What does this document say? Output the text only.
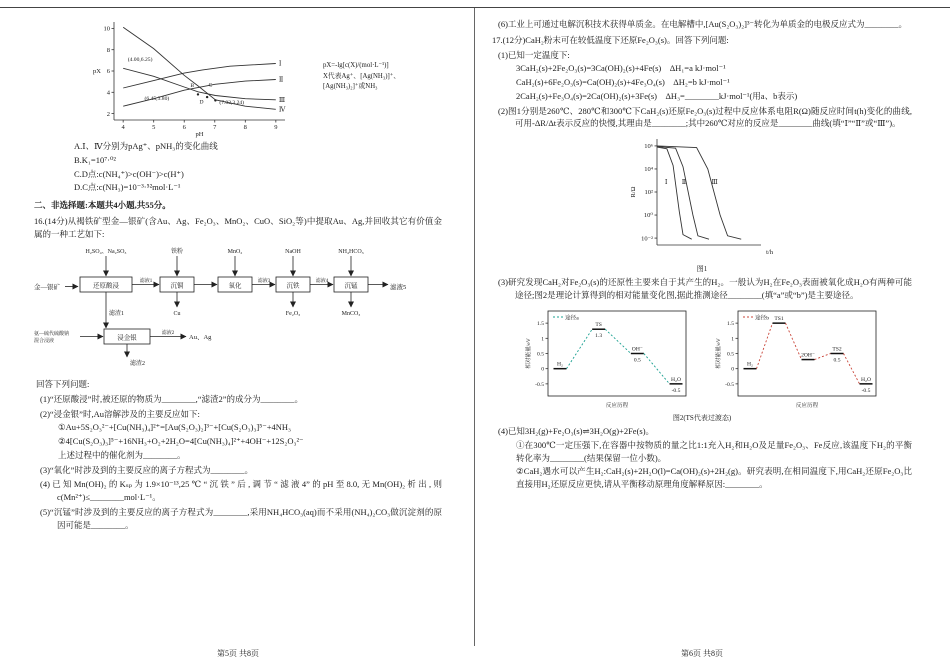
2
4
6
8
10
4	5	6	7	8	9
Ⅰ
Ⅱ
Ⅲ
Ⅳ
(4.00,6.25)
B	C
(6.45,3.80)
D	(7.02,3.24)
pH
pX
pX=-lg[c(X)/(mol·L⁻¹)]
X代表Ag⁺、[Ag(NH₃)]⁺、
[Ag(NH₃)₂]⁺或NH₃

A.Ⅰ、Ⅳ分别为pAg⁺、pNH₃的变化曲线

B.K₁=10⁷·⁰²

C.D点:c(NH₄⁺)>c(OH⁻)>c(H⁺)

D.C点:c(NH₃)=10⁻³·⁵²mol·L⁻¹

二、非选择题:本题共4小题,共55分。

16.(14分)从褐铁矿型金—银矿(含Au、Ag、Fe₂O₃、MnO₂、CuO、SiO₂等)中提取Au、Ag,并回收其它有价值金属的一种工艺如下:

金—银矿	还原酸浸
H₂SO₄、Na₂SO₃
滤液1
滤渣1
沉铜
铁粉
Cu
氧化
MnO₂
滤液3
沉铁
NaOH
滤液4
Fe₂O₃
沉锰
NH₄HCO₃
MnCO₃
滤液5
浸金银
氨—硫代硫酸钠
混合浸液
滤液2
Au、Ag
滤渣2

回答下列问题:

(1)“还原酸浸”时,被还原的物质为________,“滤渣2”的成分为________。

(2)“浸金银”时,Au溶解涉及的主要反应如下:

①Au+5S₂O₃²⁻+[Cu(NH₃)₄]²⁺=[Au(S₂O₃)₂]³⁻+[Cu(S₂O₃)₃]⁵⁻+4NH₃

②4[Cu(S₂O₃)₃]⁵⁻+16NH₃+O₂+2H₂O=4[Cu(NH₃)₄]²⁺+4OH⁻+12S₂O₃²⁻

上述过程中的催化剂为________。

(3)“氧化”时涉及到的主要反应的离子方程式为________。

(4)已知Mn(OH)₂的Kₛₚ为1.9×10⁻¹³,25℃“沉铁”后,调节“滤液4”的pH至8.0,无Mn(OH)₂析出,则c(Mn²⁺)≤________mol·L⁻¹。

(5)“沉锰”时涉及到的主要反应的离子方程式为________,采用NH₄HCO₃(aq)而不采用(NH₄)₂CO₃做沉淀剂的原因可能是________。

第5页 共8页

(6)工业上可通过电解沉积技术获得单质金。在电解槽中,[Au(S₂O₃)₂]³⁻转化为单质金的电极反应式为________。

17.(12分)CaH₂粉末可在较低温度下还原Fe₂O₃(s)。回答下列问题:

(1)已知一定温度下:

3CaH₂(s)+2Fe₂O₃(s)=3Ca(OH)₂(s)+4Fe(s)　ΔH₁=a kJ·mol⁻¹

CaH₂(s)+6Fe₂O₃(s)=Ca(OH)₂(s)+4Fe₃O₄(s)　ΔH₂=b kJ·mol⁻¹

2CaH₂(s)+Fe₃O₄(s)=2Ca(OH)₂(s)+3Fe(s)　ΔH₃=________kJ·mol⁻¹(用a、b表示)

(2)图1分别是260℃、280℃和300℃下CaH₂(s)还原Fe₂O₃(s)过程中反应体系电阻R(Ω)随反应时间t(h)变化的曲线,可用-ΔR/Δt表示反应的快慢,其理由是________;其中260℃对应的反应是________曲线(填“Ⅰ”“Ⅱ”或“Ⅲ”)。

10⁶
10⁴
10²
10⁰
10⁻²
Ⅰ Ⅱ	Ⅲ
t/h
R/Ω
图1

(3)研究发现CaH₂对Fe₂O₃(s)的还原性主要来自于其产生的H₂。一般认为H₂在Fe₂O₃表面被氧化成H₂O有两种可能途径;图2是理论计算得到的相对能量变化图,据此推测途径________(填“a”或“b”)是主要途径。

1.5
1
0.5
0
-0.5
H₂
TS
1.3
OH⁻
0.5
H₂O
-0.5
途径a
相对能量/eV
反应历程

1.5
1
0.5
0
-0.5
H₂
TS1
2OH⁻
TS2
0.5
H₂O
-0.5
途径b
相对能量/eV
反应历程
图2(TS代表过渡态)

(4)已知3H₂(g)+Fe₂O₃(s)⇌3H₂O(g)+2Fe(s)。

①在300℃一定压强下,在容器中按物质的量之比1:1充入H₂和H₂O及足量Fe₂O₃、Fe反应,该温度下H₂的平衡转化率为________(结果保留一位小数)。

②CaH₂遇水可以产生H₂:CaH₂(s)+2H₂O(l)=Ca(OH)₂(s)+2H₂(g)。研究表明,在相同温度下,用CaH₂还原Fe₂O₃比直接用H₂还原反应更快,请从平衡移动原理角度解释原因:________。

第6页 共8页
